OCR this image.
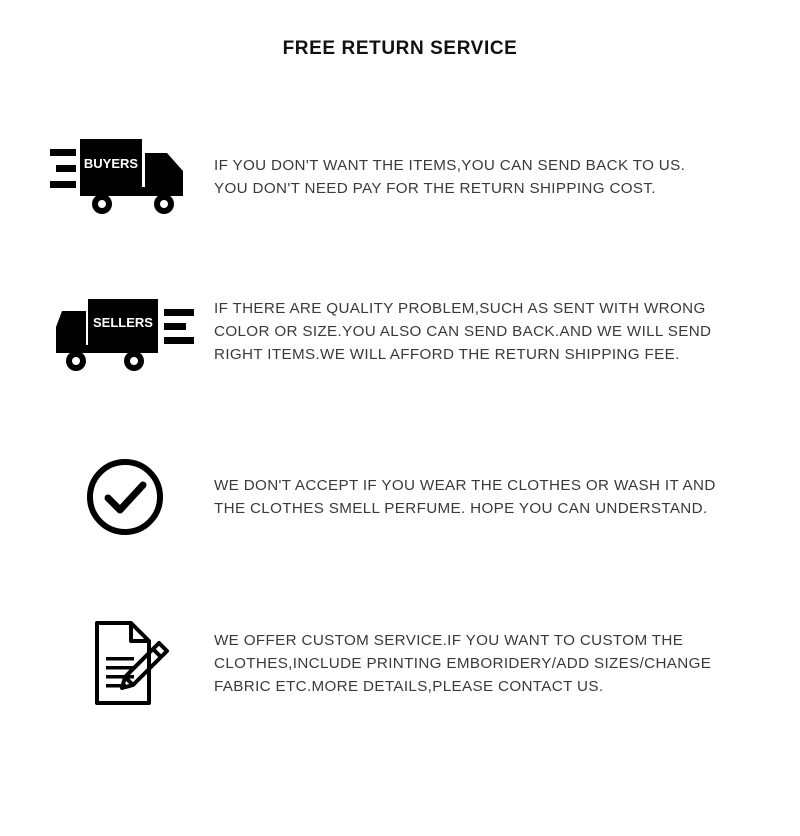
FREE RETURN SERVICE
BUYERS	IF YOU DON'T WANT THE ITEMS,YOU CAN SEND BACK TO US.
YOU DON'T NEED PAY FOR THE RETURN SHIPPING COST.
SELLERS
IF THERE ARE QUALITY PROBLEM,SUCH AS SENT WITH WRONG
COLOR OR SIZE.YOU ALSO CAN SEND BACK.AND WE WILL SEND
RIGHT ITEMS.WE WILL AFFORD THE RETURN SHIPPING FEE.
WE DON'T ACCEPT IF YOU WEAR THE CLOTHES OR WASH IT AND
THE CLOTHES SMELL PERFUME. HOPE YOU CAN UNDERSTAND.
WE OFFER CUSTOM SERVICE.IF YOU WANT TO CUSTOM THE
CLOTHES,INCLUDE PRINTING EMBORIDERY/ADD SIZES/CHANGE
FABRIC ETC.MORE DETAILS,PLEASE CONTACT US.
